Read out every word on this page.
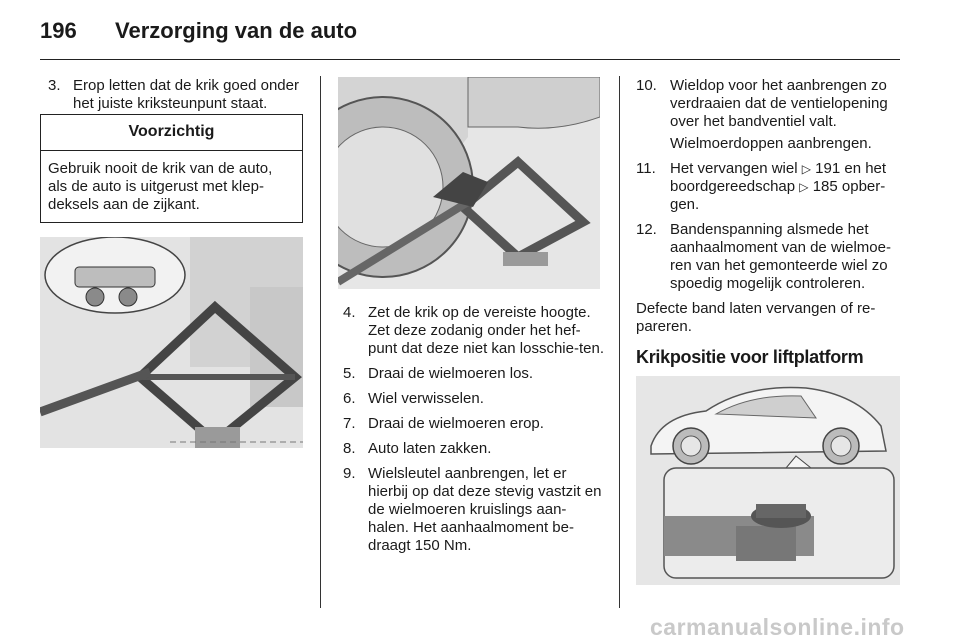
196 Verzorging van de auto
3. Erop letten dat de krik goed onder het juiste kriksteunpunt staat.
Voorzichtig
Gebruik nooit de krik van de auto, als de auto is uitgerust met klep-deksels aan de zijkant.
4. Zet de krik op de vereiste hoogte. Zet deze zodanig onder het hef-punt dat deze niet kan losschie-ten.
5. Draai de wielmoeren los.
6. Wiel verwisselen.
7. Draai de wielmoeren erop.
8. Auto laten zakken.
9. Wielsleutel aanbrengen, let er hierbij op dat deze stevig vastzit en de wielmoeren kruislings aan-halen. Het aanhaalmoment be-draagt 150 Nm.
10. Wieldop voor het aanbrengen zo verdraaien dat de ventielopening over het bandventiel valt.
Wielmoerdoppen aanbrengen.
11. Het vervangen wiel ▷ 191 en het boordgereedschap ▷ 185 opber-gen.
12. Bandenspanning alsmede het aanhaalmoment van de wielmoe-ren van het gemonteerde wiel zo spoedig mogelijk controleren.
Defecte band laten vervangen of re-pareren.
Krikpositie voor liftplatform
carmanualsonline.info
